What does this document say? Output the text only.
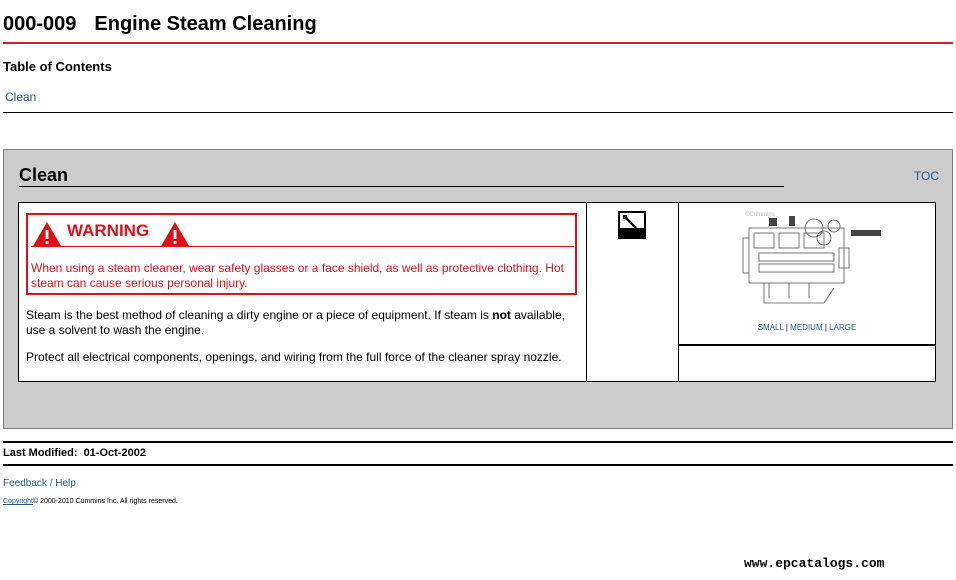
000-009 Engine Steam Cleaning
Table of Contents
Clean
Clean	TOC
WARNING
When using a steam cleaner, wear safety glasses or a face shield, as well as protective clothing. Hot steam can cause serious personal injury.
Steam is the best method of cleaning a dirty engine or a piece of equipment. If steam is not available, use a solvent to wash the engine.
Protect all electrical components, openings, and wiring from the full force of the cleaner spray nozzle.
©Cummins
SMALL | MEDIUM | LARGE
Last Modified: 01-Oct-2002
Feedback / Help
Copyright© 2000-2010 Cummins Inc. All rights reserved.
www.epcatalogs.com
